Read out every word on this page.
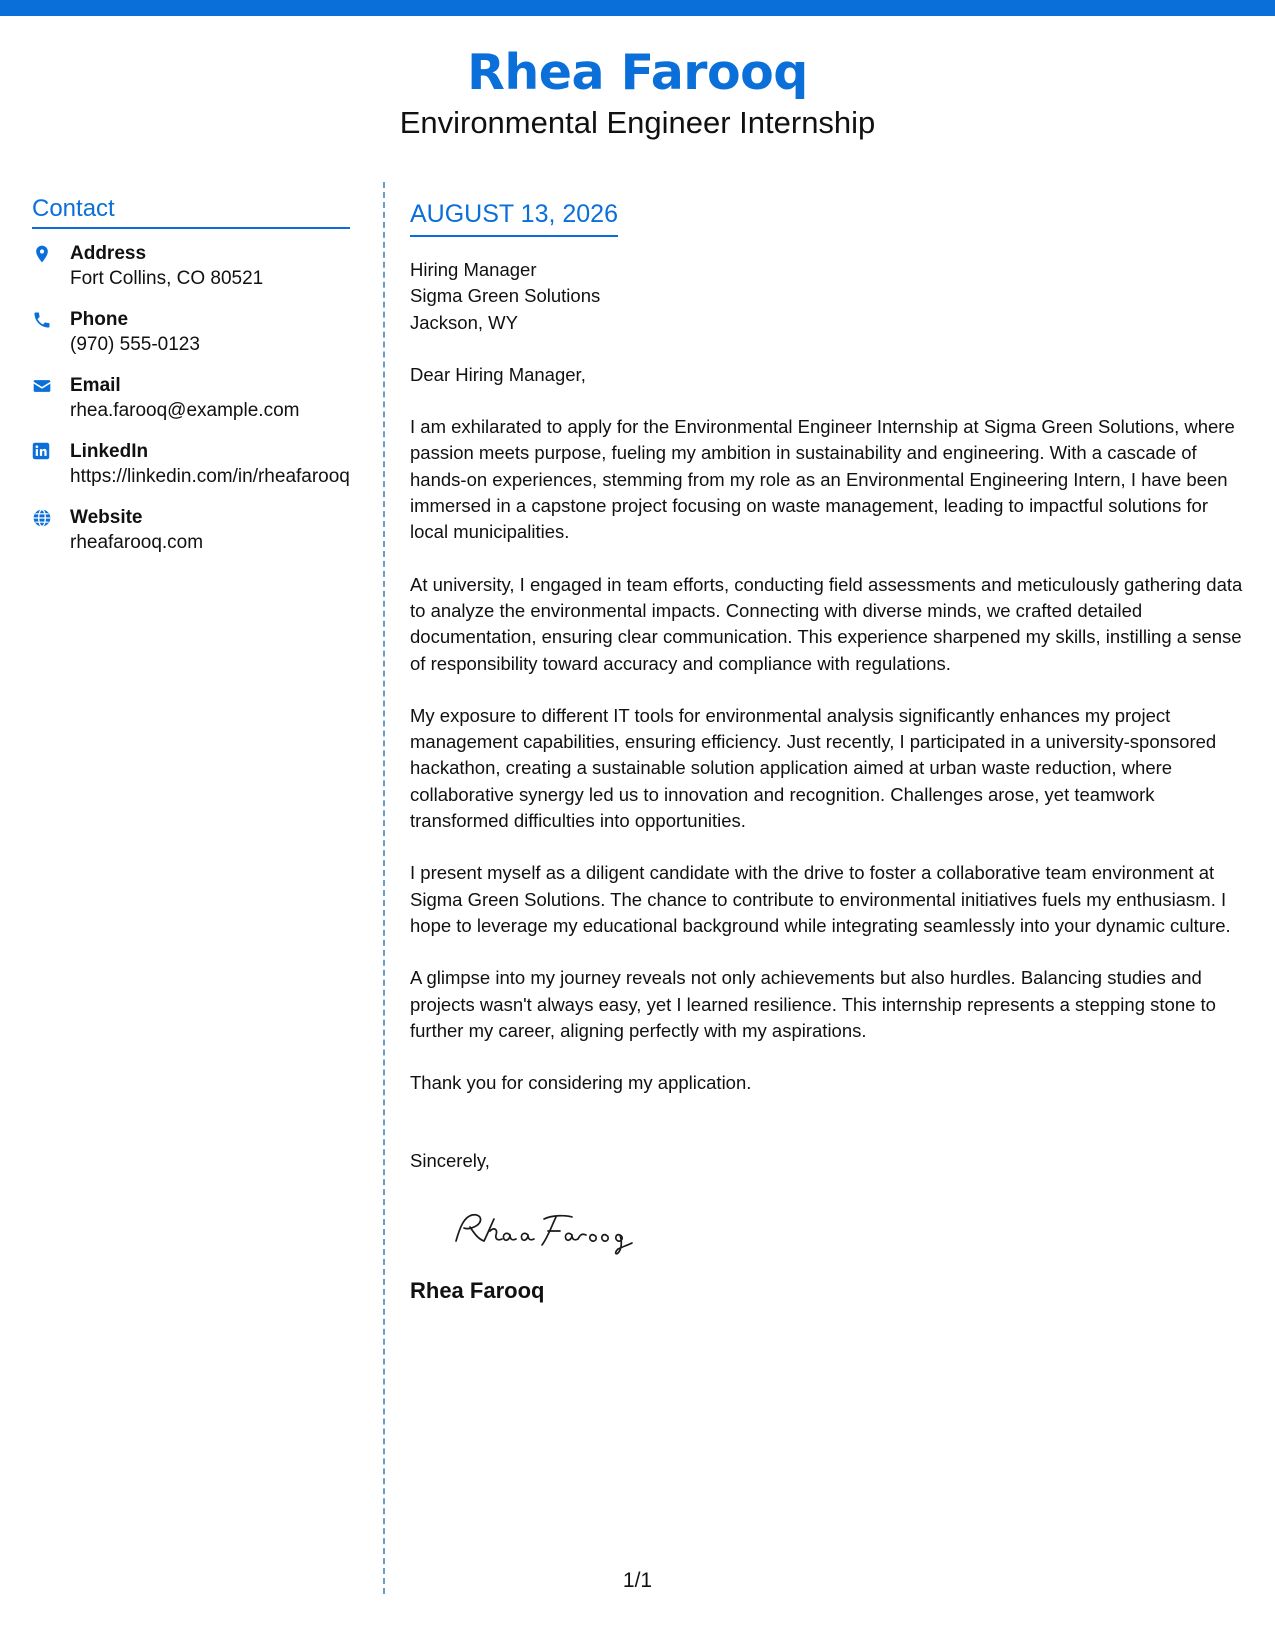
Rhea Farooq
Environmental Engineer Internship
Contact
Address
Fort Collins, CO 80521
Phone
(970) 555-0123
Email
rhea.farooq@example.com
LinkedIn
https://linkedin.com/in/rheafarooq
Website
rheafarooq.com
AUGUST 13, 2026
Hiring Manager
Sigma Green Solutions
Jackson, WY
Dear Hiring Manager,
I am exhilarated to apply for the Environmental Engineer Internship at Sigma Green Solutions, where passion meets purpose, fueling my ambition in sustainability and engineering. With a cascade of hands-on experiences, stemming from my role as an Environmental Engineering Intern, I have been immersed in a capstone project focusing on waste management, leading to impactful solutions for local municipalities.
At university, I engaged in team efforts, conducting field assessments and meticulously gathering data to analyze the environmental impacts. Connecting with diverse minds, we crafted detailed documentation, ensuring clear communication. This experience sharpened my skills, instilling a sense of responsibility toward accuracy and compliance with regulations.
My exposure to different IT tools for environmental analysis significantly enhances my project management capabilities, ensuring efficiency. Just recently, I participated in a university-sponsored hackathon, creating a sustainable solution application aimed at urban waste reduction, where collaborative synergy led us to innovation and recognition. Challenges arose, yet teamwork transformed difficulties into opportunities.
I present myself as a diligent candidate with the drive to foster a collaborative team environment at Sigma Green Solutions. The chance to contribute to environmental initiatives fuels my enthusiasm. I hope to leverage my educational background while integrating seamlessly into your dynamic culture.
A glimpse into my journey reveals not only achievements but also hurdles. Balancing studies and projects wasn't always easy, yet I learned resilience. This internship represents a stepping stone to further my career, aligning perfectly with my aspirations.
Thank you for considering my application.
Sincerely,
Rhea Farooq
1/1
